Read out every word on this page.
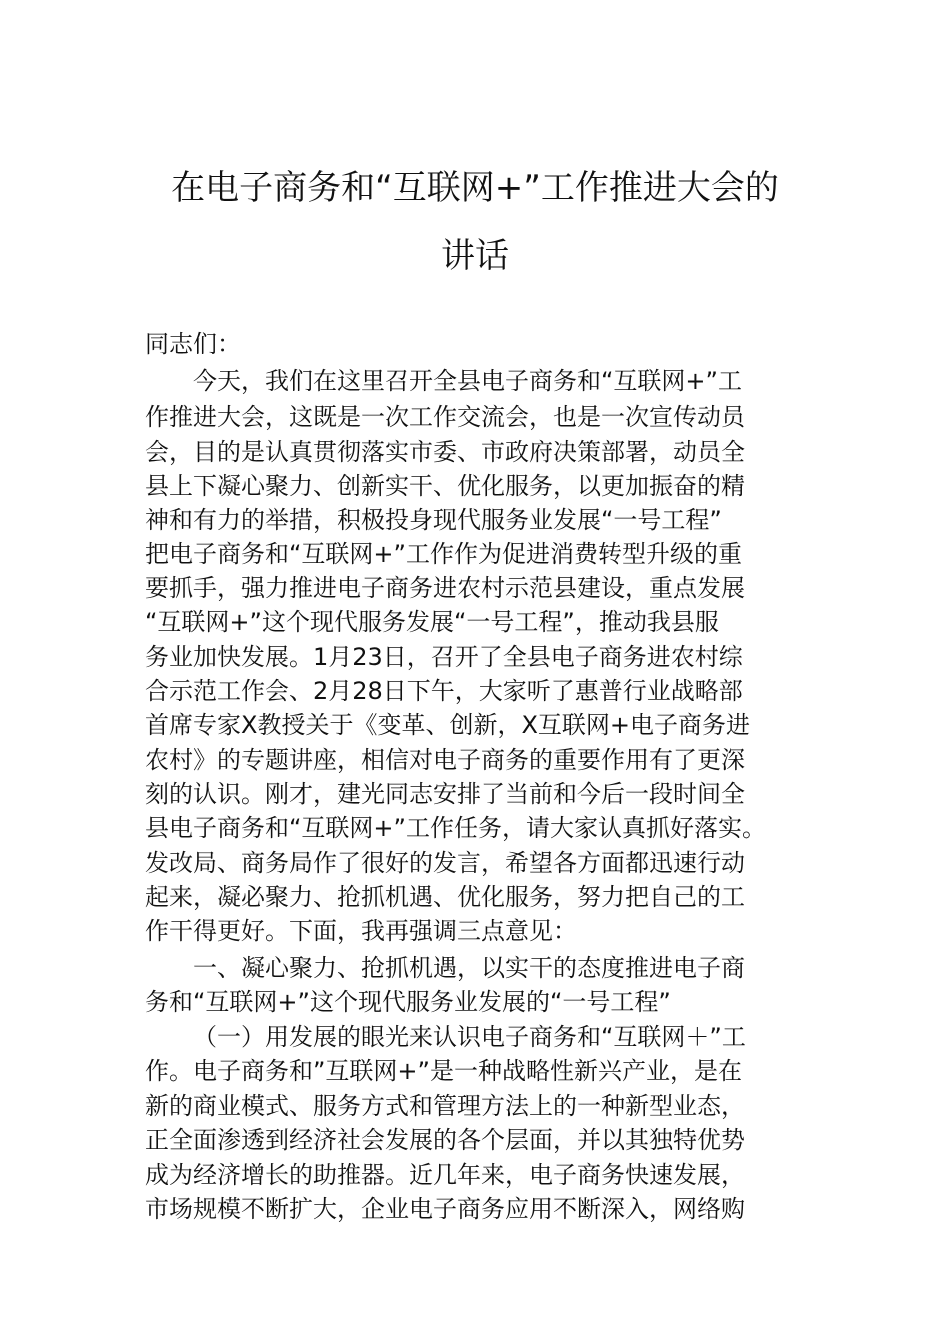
在电子商务和“互联网+”工作推进大会的
讲话
同志们：
今天，我们在这里召开全县电子商务和“互联网+”工
作推进大会，这既是一次工作交流会，也是一次宣传动员
会，目的是认真贯彻落实市委、市政府决策部署，动员全
县上下凝心聚力、创新实干、优化服务，以更加振奋的精
神和有力的举措，积极投身现代服务业发展“一号工程”
把电子商务和“互联网+”工作作为促进消费转型升级的重
要抓手，强力推进电子商务进农村示范县建设，重点发展
“互联网+”这个现代服务发展“一号工程”，推动我县服
务业加快发展。1月23日，召开了全县电子商务进农村综
合示范工作会、2月28日下午，大家听了惠普行业战略部
首席专家X教授关于《变革、创新，X互联网+电子商务进
农村》的专题讲座，相信对电子商务的重要作用有了更深
刻的认识。刚才，建光同志安排了当前和今后一段时间全
县电子商务和“互联网+”工作任务，请大家认真抓好落实。
发改局、商务局作了很好的发言，希望各方面都迅速行动
起来，凝必聚力、抢抓机遇、优化服务，努力把自己的工
作干得更好。下面，我再强调三点意见：
一、凝心聚力、抢抓机遇，以实干的态度推进电子商
务和“互联网+”这个现代服务业发展的“一号工程”
（一）用发展的眼光来认识电子商务和“互联网＋”工
作。电子商务和”互联网+”是一种战略性新兴产业，是在
新的商业模式、服务方式和管理方法上的一种新型业态，
正全面渗透到经济社会发展的各个层面，并以其独特优势
成为经济增长的助推器。近几年来，电子商务快速发展，
市场规模不断扩大，企业电子商务应用不断深入，网络购
